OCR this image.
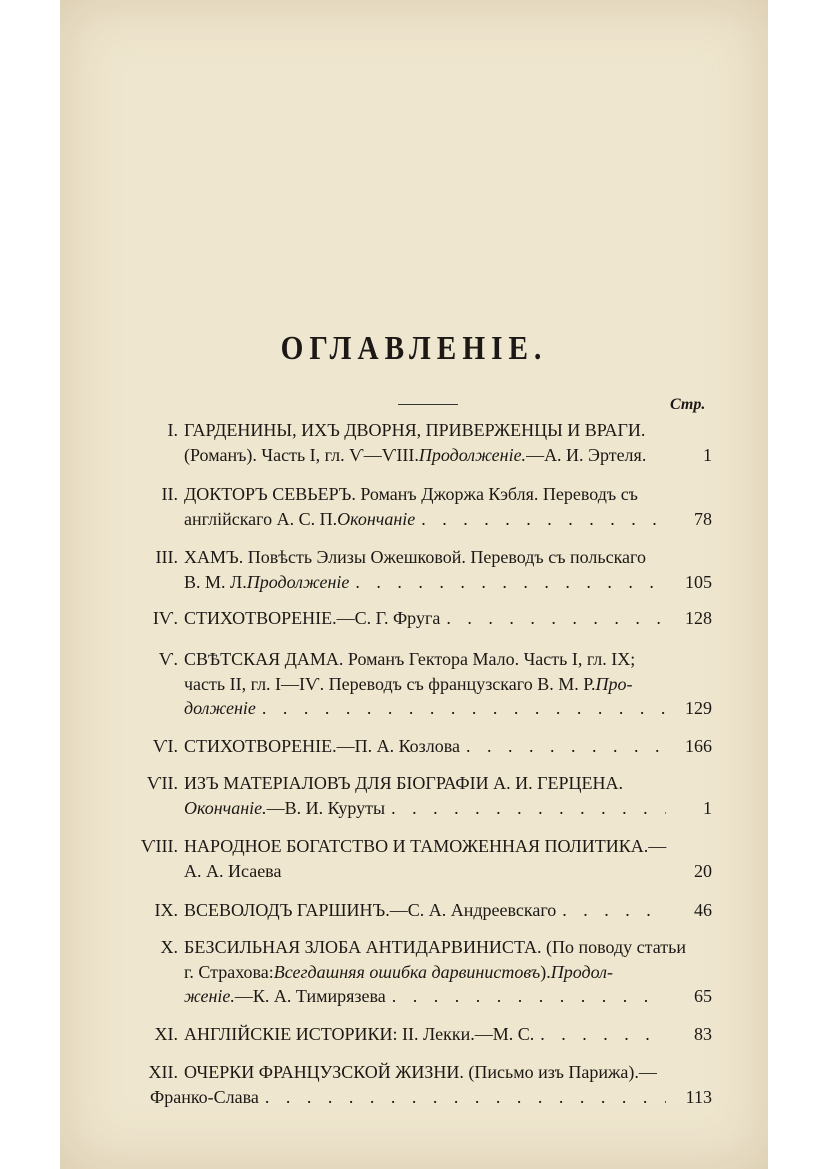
ОГЛАВЛЕНІЕ.
Стр.
I. ГАРДЕНИНЫ, ИХЪ ДВОРНЯ, ПРИВЕРЖЕНЦЫ И ВРАГИ.
(Романъ). Часть I, гл. Ѵ—ѴIII. Продолженіе. —А. И. Эртеля.	1
II. ДОКТОРЪ СЕВЬЕРЪ. Романъ Джоржа Кэбля. Переводъ съ
англійскаго А. С. П. Окончаніе . . .	78
III. ХАМЪ. Повѣсть Элизы Ожешковой. Переводъ съ польскаго
В. М. Л. Продолженіе . . .	105
IѴ. СТИХОТВОРЕНІЕ.—С. Г. Фруга . . .	128
Ѵ. СВѢТСКАЯ ДАМА. Романъ Гектора Мало. Часть I, гл. IX;
часть II, гл. I—IѴ. Переводъ съ французскаго В. М. Р. Про-
долженіе . . .	129
ѴI. СТИХОТВОРЕНІЕ.—П. А. Козлова . . .	166
ѴII. ИЗЪ МАТЕРІАЛОВЪ ДЛЯ БІОГРАФІИ А. И. ГЕРЦЕНА.
Окончаніе. —В. И. Куруты . . .	1
ѴIII. НАРОДНОЕ БОГАТСТВО И ТАМОЖЕННАЯ ПОЛИТИКА.—
А. А. Исаева	20
IX. ВСЕВОЛОДЪ ГАРШИНЪ.—С. А. Андреевскаго . . .	46
X. БЕЗСИЛЬНАЯ ЗЛОБА АНТИДАРВИНИСТА. (По поводу статьи
г. Страхова: Всегдашняя ошибка дарвинистовъ ). Продол-
женіе. —К. А. Тимирязева . . .	65
XI. АНГЛІЙСКІЕ ИСТОРИКИ: II. Лекки.—М. С. . . .	83
XII. ОЧЕРКИ ФРАНЦУЗСКОЙ ЖИЗНИ. (Письмо изъ Парижа).—
Франко-Слава . . .	113
